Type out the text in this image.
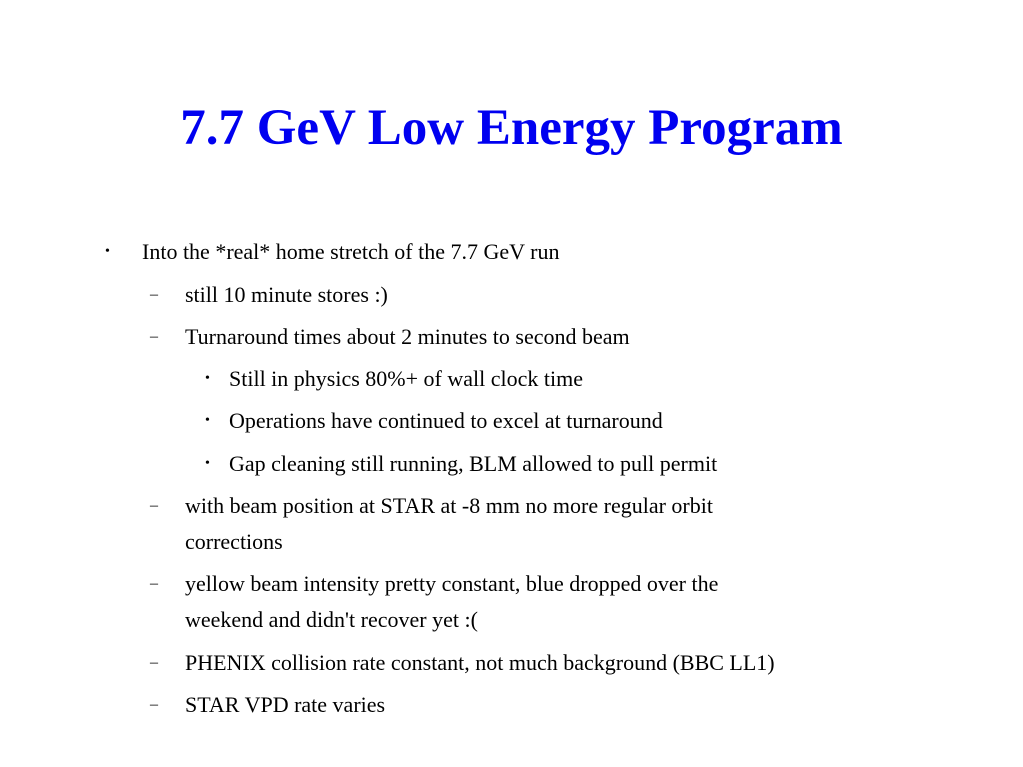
7.7 GeV Low Energy Program
• Into the *real* home stretch of the 7.7 GeV run
– still 10 minute stores :)
– Turnaround times about 2 minutes to second beam
• Still in physics 80%+ of wall clock time
• Operations have continued to excel at turnaround
• Gap cleaning still running, BLM allowed to pull permit
– with beam position at STAR at -8 mm no more regular orbit
corrections
– yellow beam intensity pretty constant, blue dropped over the
weekend and didn't recover yet :(
– PHENIX collision rate constant, not much background (BBC LL1)
– STAR VPD rate varies
